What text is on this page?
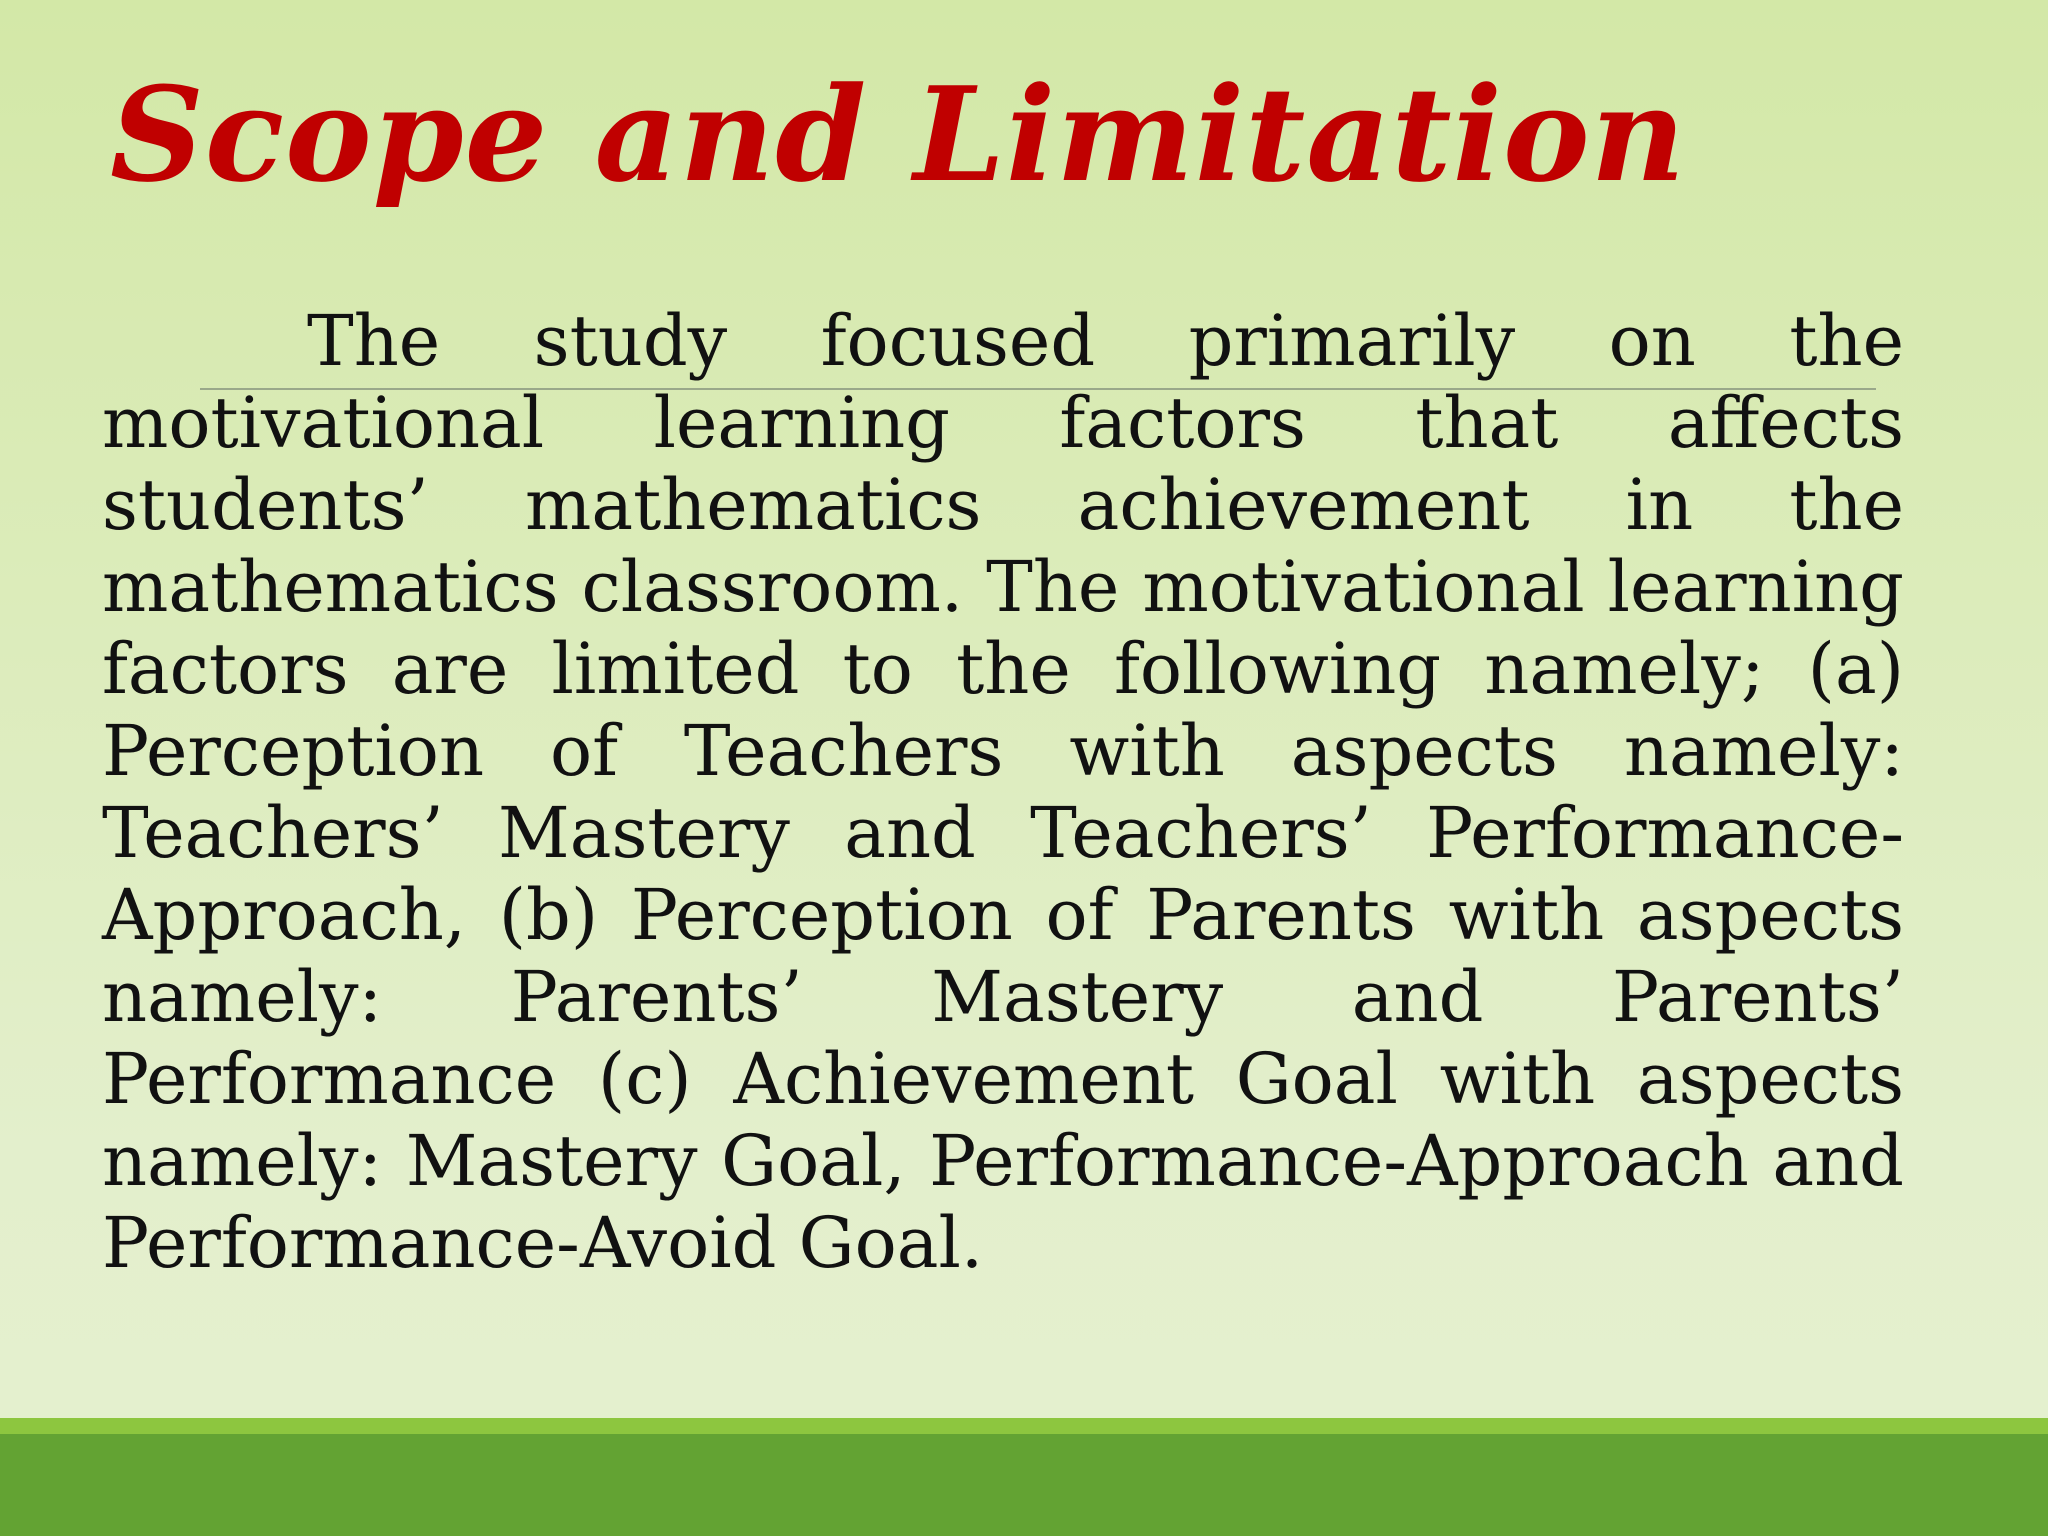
Scope and Limitation

The study focused primarily on the motivational learning factors that affects students’ mathematics achievement in the mathematics classroom. The motivational learning factors are limited to the following namely; (a) Perception of Teachers with aspects namely: Teachers’ Mastery and Teachers’ Performance-Approach, (b) Perception of Parents with aspects namely: Parents’ Mastery and Parents’ Performance (c) Achievement Goal with aspects namely: Mastery Goal, Performance-Approach and Performance-Avoid Goal.
